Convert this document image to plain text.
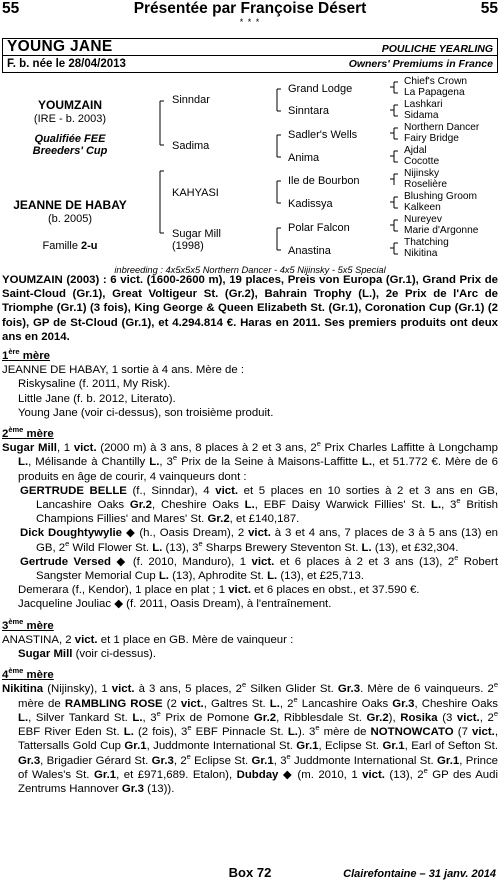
55	Présentée par Françoise Désert	55
* * *
YOUNG JANE	POULICHE YEARLING
F. b. née le 28/04/2013	Owners' Premiums in France
YOUMZAIN
(IRE - b. 2003)
Qualifiée FEE
Breeders' Cup
JEANNE DE HABAY
(b. 2005)
Famille 2-u
Sinndar
Sadima
KAHYASI
Sugar Mill
(1998)
Grand Lodge
Sinntara
Sadler's Wells
Anima
Ile de Bourbon
Kadissya
Polar Falcon
Anastina
Chief's Crown
La Papagena
Lashkari
Sidama
Northern Dancer
Fairy Bridge
Ajdal
Cocotte
Nijinsky
Roselière
Blushing Groom
Kalkeen
Nureyev
Marie d'Argonne
Thatching
Nikitina
inbreeding : 4x5x5x5 Northern Dancer - 4x5 Nijinsky - 5x5 Special
YOUMZAIN (2003) : 6 vict. (1600-2600 m), 19 places, Preis von Europa (Gr.1), Grand Prix de Saint-Cloud (Gr.1), Great Voltigeur St. (Gr.2), Bahrain Trophy (L.), 2e Prix de l'Arc de Triomphe (Gr.1) (3 fois), King George & Queen Elizabeth St. (Gr.1), Coronation Cup (Gr.1) (2 fois), GP de St-Cloud (Gr.1), et 4.294.814 €. Haras en 2011. Ses premiers produits ont deux ans en 2014.
1ère mère
JEANNE DE HABAY, 1 sortie à 4 ans. Mère de :
Riskysaline (f. 2011, My Risk).
Little Jane (f. b. 2012, Literato).
Young Jane (voir ci-dessus), son troisième produit.
2ème mère
Sugar Mill, 1 vict. (2000 m) à 3 ans, 8 places à 2 et 3 ans, 2e Prix Charles Laffitte à Longchamp L., Mélisande à Chantilly L., 3e Prix de la Seine à Maisons-Laffitte L., et 51.772 €. Mère de 6 produits en âge de courir, 4 vainqueurs dont :
GERTRUDE BELLE (f., Sinndar), 4 vict. et 5 places en 10 sorties à 2 et 3 ans en GB, Lancashire Oaks Gr.2, Cheshire Oaks L., EBF Daisy Warwick Fillies' St. L., 3e British Champions Fillies' and Mares' St. Gr.2, et £140,187.
Dick Doughtywylie ◆ (h., Oasis Dream), 2 vict. à 3 et 4 ans, 7 places de 3 à 5 ans (13) en GB, 2e Wild Flower St. L. (13), 3e Sharps Brewery Steventon St. L. (13), et £32,304.
Gertrude Versed ◆ (f. 2010, Manduro), 1 vict. et 6 places à 2 et 3 ans (13), 2e Robert Sangster Memorial Cup L. (13), Aphrodite St. L. (13), et £25,713.
Demerara (f., Kendor), 1 place en plat ; 1 vict. et 6 places en obst., et 37.590 €.
Jacqueline Jouliac ◆ (f. 2011, Oasis Dream), à l'entraînement.
3ème mère
ANASTINA, 2 vict. et 1 place en GB. Mère de vainqueur :
Sugar Mill (voir ci-dessus).
4ème mère
Nikitina (Nijinsky), 1 vict. à 3 ans, 5 places, 2e Silken Glider St. Gr.3. Mère de 6 vainqueurs. 2e mère de RAMBLING ROSE (2 vict., Galtres St. L., 2e Lancashire Oaks Gr.3, Cheshire Oaks L., Silver Tankard St. L., 3e Prix de Pomone Gr.2, Ribblesdale St. Gr.2), Rosika (3 vict., 2e EBF River Eden St. L. (2 fois), 3e EBF Pinnacle St. L.). 3e mère de NOTNOWCATO (7 vict., Tattersalls Gold Cup Gr.1, Juddmonte International St. Gr.1, Eclipse St. Gr.1, Earl of Sefton St. Gr.3, Brigadier Gérard St. Gr.3, 2e Eclipse St. Gr.1, 3e Juddmonte International St. Gr.1, Prince of Wales's St. Gr.1, et £971,689. Etalon), Dubday ◆ (m. 2010, 1 vict. (13), 2e GP des Audi Zentrums Hannover Gr.3 (13)).
Box 72	Clairefontaine – 31 janv. 2014
